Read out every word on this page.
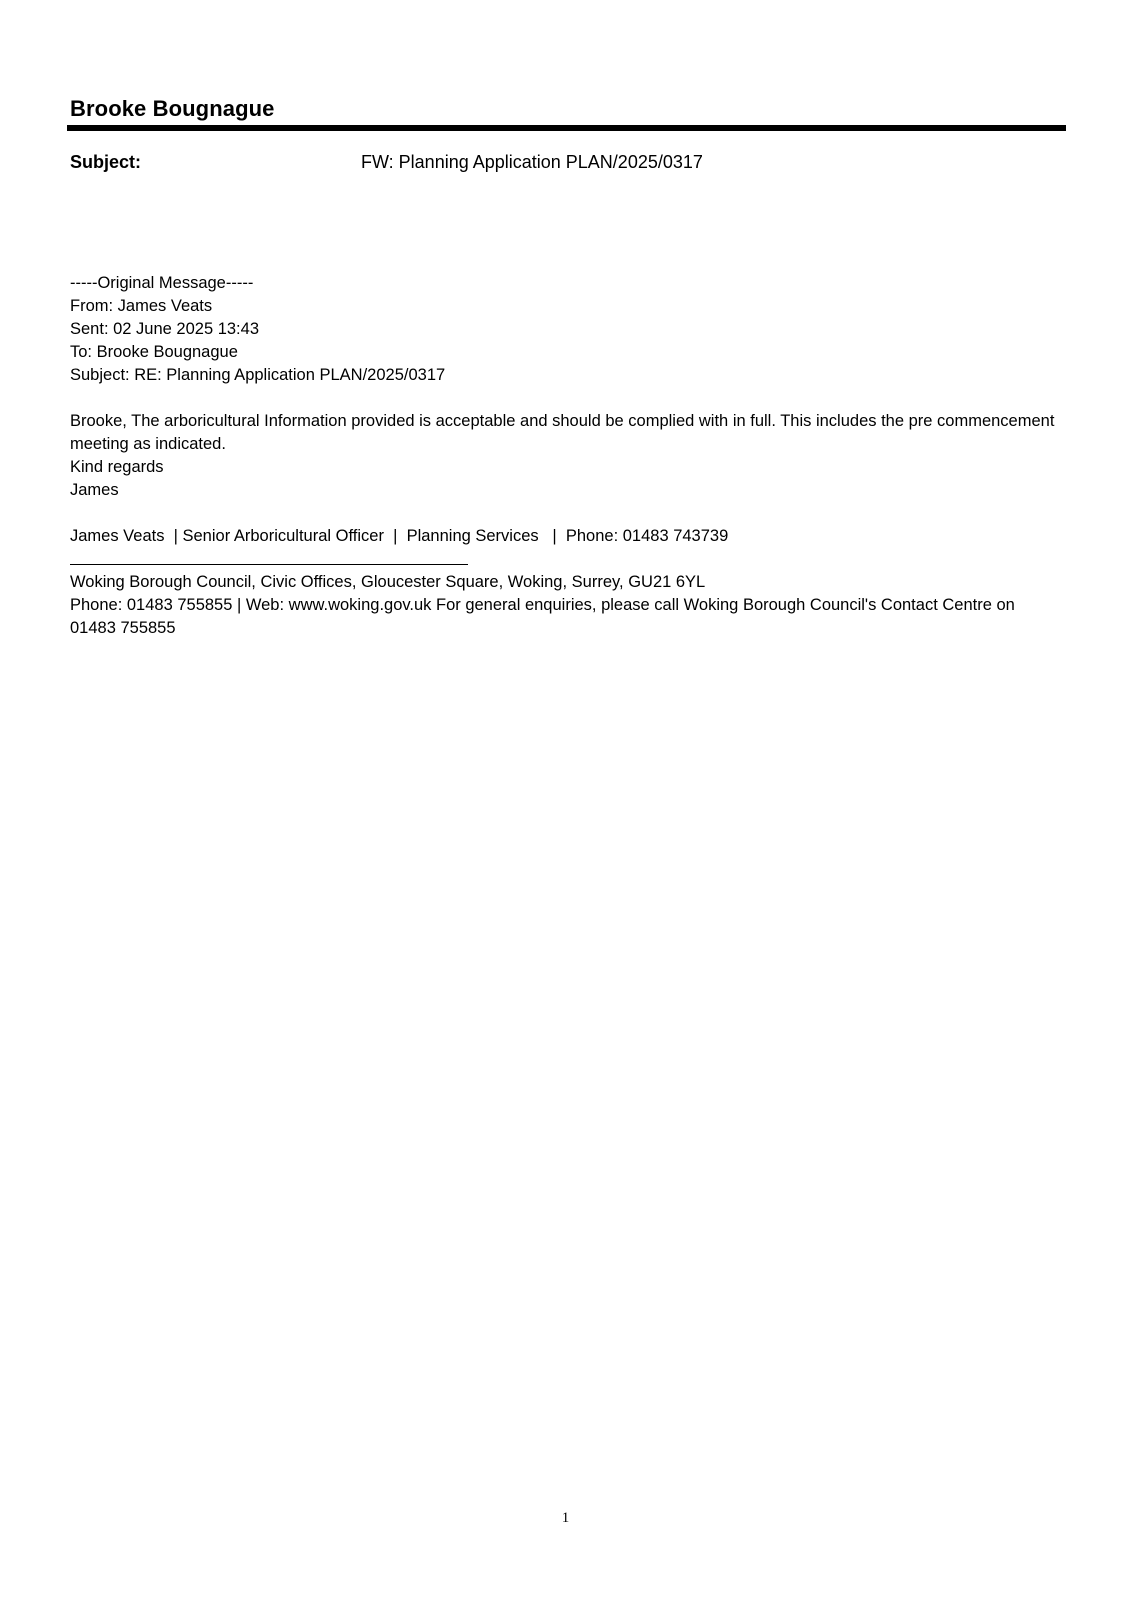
Brooke Bougnague
Subject:	FW: Planning Application PLAN/2025/0317
-----Original Message-----
From: James Veats
Sent: 02 June 2025 13:43
To: Brooke Bougnague
Subject: RE: Planning Application PLAN/2025/0317
Brooke, The arboricultural Information provided is acceptable and should be complied with in full. This includes the pre commencement meeting as indicated.
Kind regards
James
James Veats  | Senior Arboricultural Officer  |  Planning Services   |  Phone: 01483 743739
Woking Borough Council, Civic Offices, Gloucester Square, Woking, Surrey, GU21 6YL
Phone: 01483 755855 | Web: www.woking.gov.uk For general enquiries, please call Woking Borough Council's Contact Centre on 01483 755855
1
